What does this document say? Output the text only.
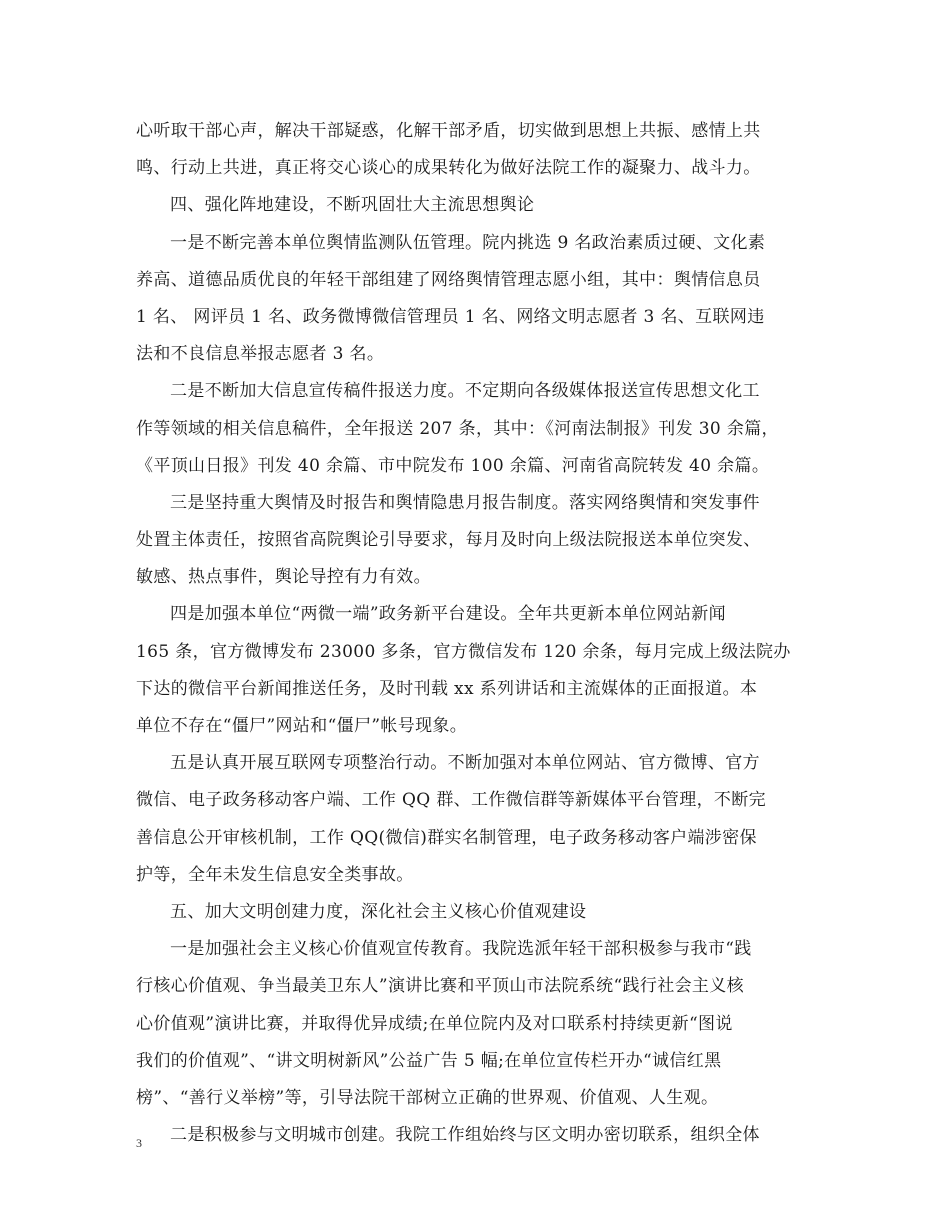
心听取干部心声，解决干部疑惑，化解干部矛盾，切实做到思想上共振、感情上共
鸣、行动上共进，真正将交心谈心的成果转化为做好法院工作的凝聚力、战斗力。
四、强化阵地建设，不断巩固壮大主流思想舆论
一是不断完善本单位舆情监测队伍管理。院内挑选 9 名政治素质过硬、文化素
养高、道德品质优良的年轻干部组建了网络舆情管理志愿小组，其中：舆情信息员
1 名、 网评员 1 名、政务微博微信管理员 1 名、网络文明志愿者 3 名、互联网违
法和不良信息举报志愿者 3 名。
二是不断加大信息宣传稿件报送力度。不定期向各级媒体报送宣传思想文化工
作等领域的相关信息稿件，全年报送 207 条，其中：《河南法制报》刊发 30 余篇，
《平顶山日报》刊发 40 余篇、市中院发布 100 余篇、河南省高院转发 40 余篇。
三是坚持重大舆情及时报告和舆情隐患月报告制度。落实网络舆情和突发事件
处置主体责任，按照省高院舆论引导要求，每月及时向上级法院报送本单位突发、
敏感、热点事件，舆论导控有力有效。
四是加强本单位“两微一端”政务新平台建设。全年共更新本单位网站新闻
165 条，官方微博发布 23000 多条，官方微信发布 120 余条，每月完成上级法院办
下达的微信平台新闻推送任务，及时刊载 xx 系列讲话和主流媒体的正面报道。本
单位不存在“僵尸”网站和“僵尸”帐号现象。
五是认真开展互联网专项整治行动。不断加强对本单位网站、官方微博、官方
微信、电子政务移动客户端、工作 QQ 群、工作微信群等新媒体平台管理，不断完
善信息公开审核机制，工作 QQ(微信)群实名制管理，电子政务移动客户端涉密保
护等，全年未发生信息安全类事故。
五、加大文明创建力度，深化社会主义核心价值观建设
一是加强社会主义核心价值观宣传教育。我院选派年轻干部积极参与我市“践
行核心价值观、争当最美卫东人”演讲比赛和平顶山市法院系统“践行社会主义核
心价值观”演讲比赛，并取得优异成绩;在单位院内及对口联系村持续更新“图说
我们的价值观”、“讲文明树新风”公益广告 5 幅;在单位宣传栏开办“诚信红黑
榜”、“善行义举榜”等，引导法院干部树立正确的世界观、价值观、人生观。
二是积极参与文明城市创建。我院工作组始终与区文明办密切联系，组织全体
3
